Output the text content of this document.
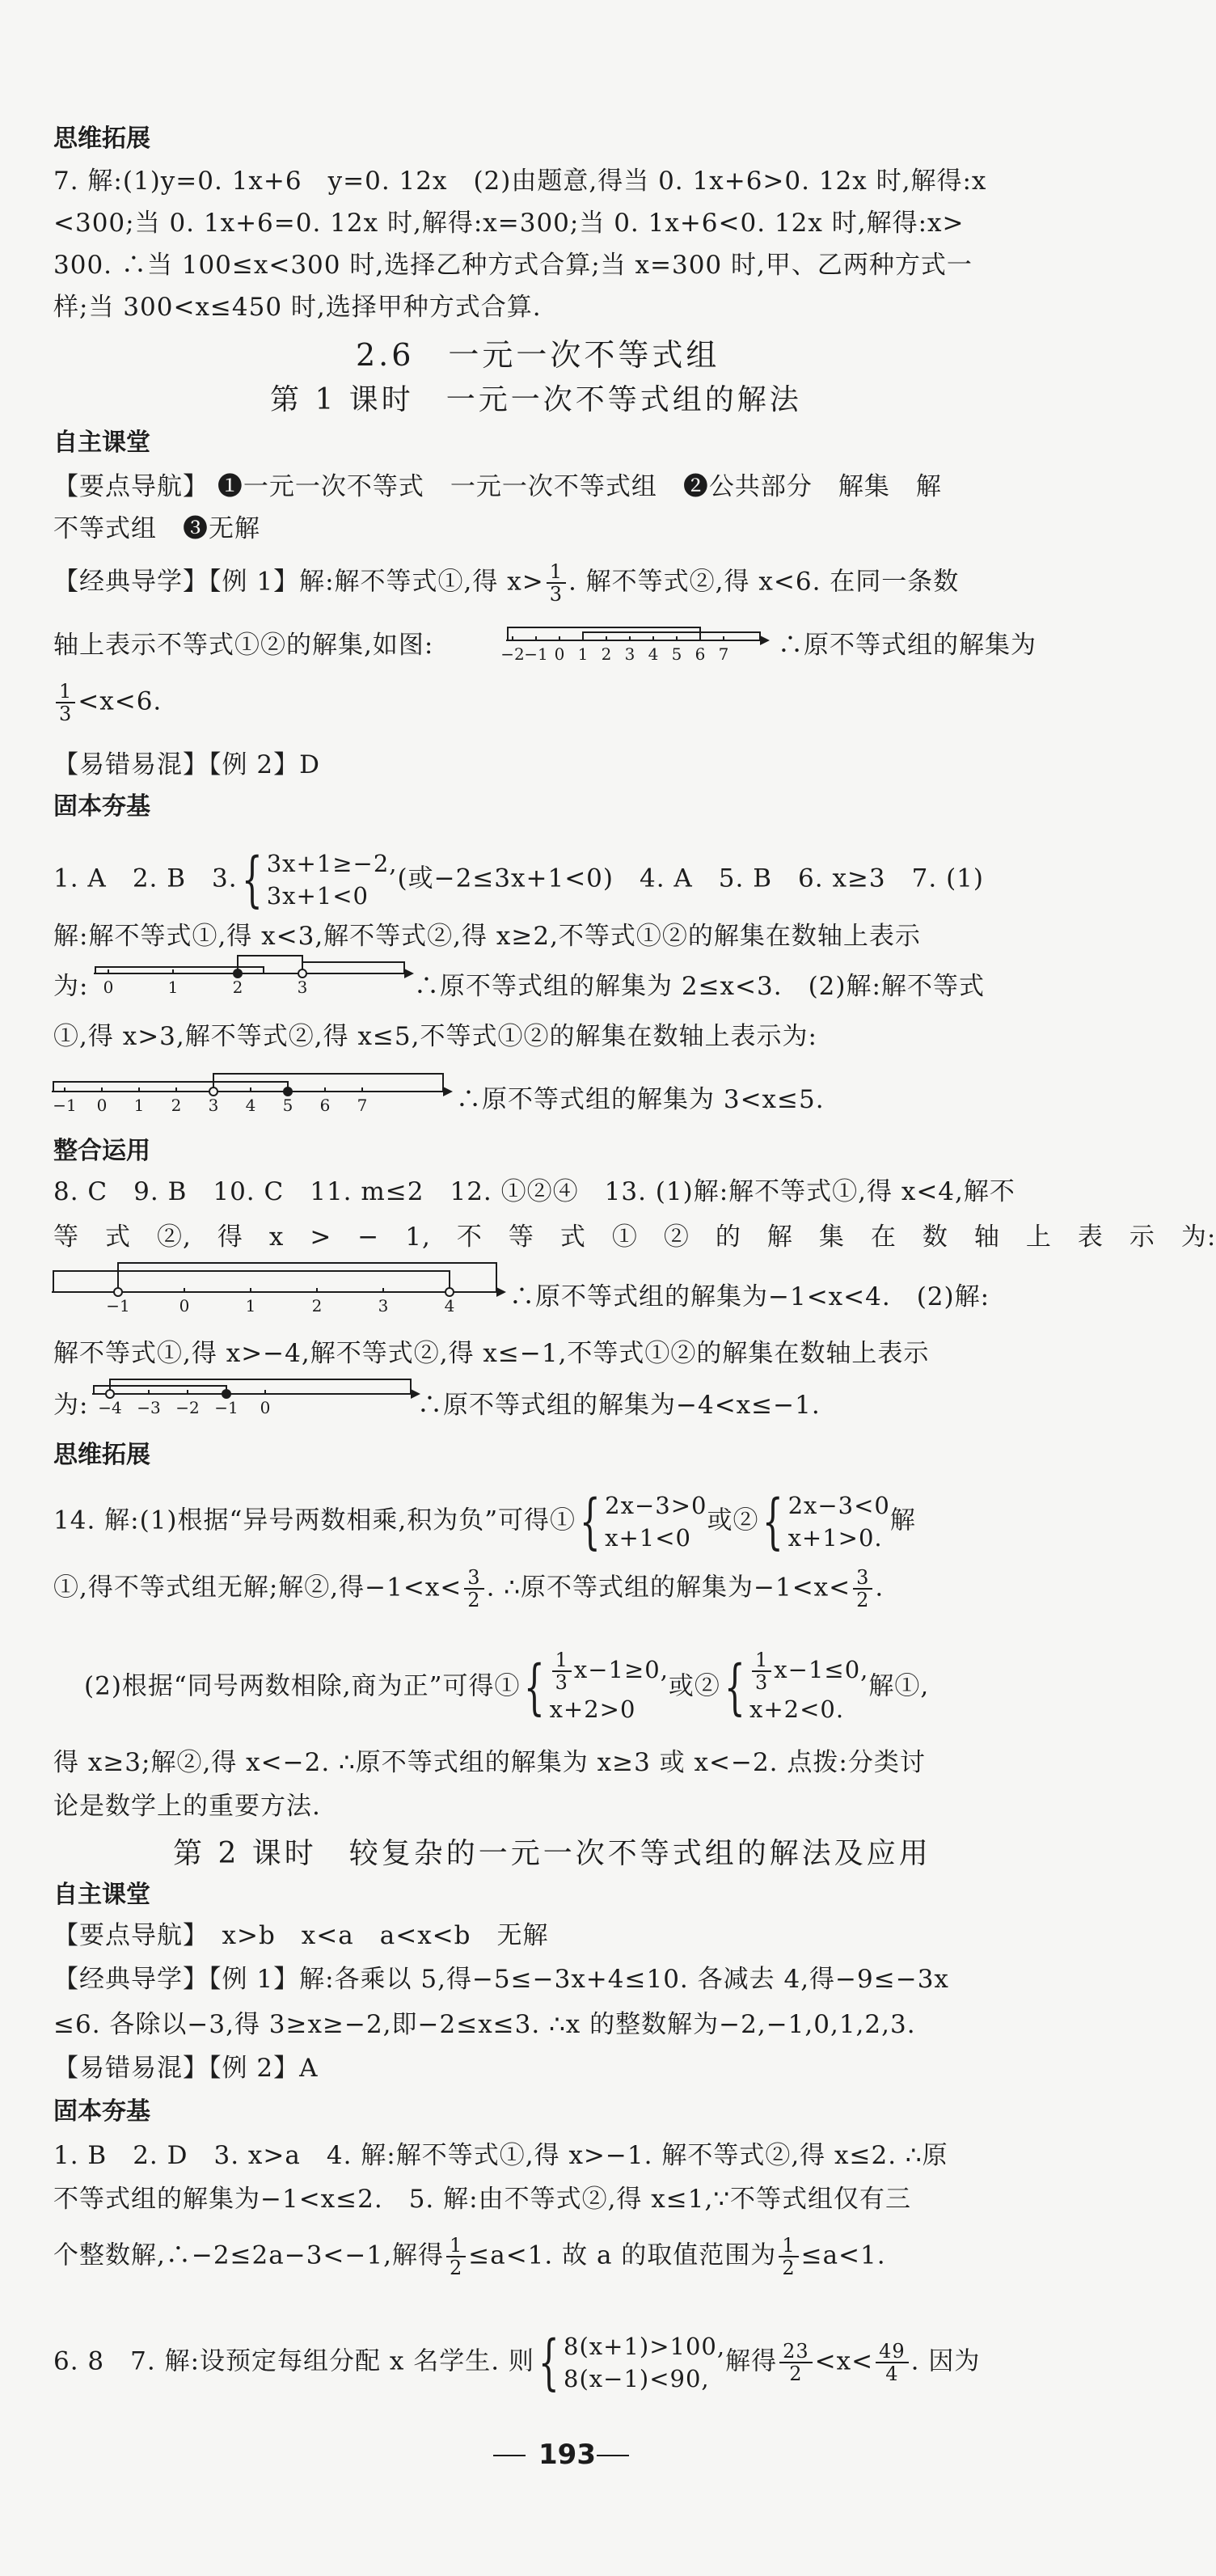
思维拓展
7. 解:(1)y=0. 1x+6　y=0. 12x　(2)由题意,得当 0. 1x+6>0. 12x 时,解得:x
<300;当 0. 1x+6=0. 12x 时,解得:x=300;当 0. 1x+6<0. 12x 时,解得:x>
300. ∴当 100≤x<300 时,选择乙种方式合算;当 x=300 时,甲、乙两种方式一
样;当 300<x≤450 时,选择甲种方式合算.
2.6　一元一次不等式组
第 1 课时　一元一次不等式组的解法
自主课堂
【要点导航】 ❶一元一次不等式　一元一次不等式组　❷公共部分　解集　解
不等式组　❸无解
【经典导学】【例 1】解:解不等式①,得 $x> \frac{1}{3}$ . 解不等式②,得 x<6. 在同一条数
轴上表示不等式①②的解集,如图:	−2 −1 0 1 2 3 4 5 6 7 ∴原不等式组的解集为
$\frac{1}{3} <x<6$.
【易错易混】【例 2】D
固本夯基
1. A　2. B　3.{ 3x+1≥−2,
3x+1<0
(或−2≤3x+1<0)　4. A　5. B　6. x≥3　7. (1)
解:解不等式①,得 x<3,解不等式②,得 x≥2,不等式①②的解集在数轴上表示
为: 0	1	2	3	∴原不等式组的解集为 2≤x<3.　(2)解:解不等式
①,得 x>3,解不等式②,得 x≤5,不等式①②的解集在数轴上表示为:
−1 0 1 2 3 4 5 6 7	∴原不等式组的解集为 3<x≤5.
整合运用
8. C　9. B　10. C　11. m≤2　12. ①②④　13. (1)解:解不等式①,得 x<4,解不
等　式　②,　得　x　>　−　1,　不　等　式　①　②　的　解　集　在　数　轴　上　表　示　为:
−1	0	1	2	3	4 ∴原不等式组的解集为−1<x<4.　(2)解:
解不等式①,得 x>−4,解不等式②,得 x≤−1,不等式①②的解集在数轴上表示
为: −4 −3 −2 −1 0	∴原不等式组的解集为−4<x≤−1.
思维拓展
14. 解:(1)根据“异号两数相乘,积为负”可得①{ 2x−3>0
x+1<0
或②{ 2x−3<0
x+1>0.
解
①,得不等式组无解;解②,得$-1<x< \frac{3}{2}$ . ∴原不等式组的解集为$-1<x< \frac{3}{2}$ .
(2)根据“同号两数相除,商为正”可得①{ $\frac{1}{3} x-1\ge 0$,
x+2>0
或②{ $\frac{1}{3} x-1\le 0$,
x+2<0.
解①,
得 x≥3;解②,得 x<−2. ∴原不等式组的解集为 x≥3 或 x<−2. 点拨:分类讨
论是数学上的重要方法.
第 2 课时　较复杂的一元一次不等式组的解法及应用
自主课堂
【要点导航】　x>b　x<a　a<x<b　无解
【经典导学】【例 1】解:各乘以 5,得−5≤−3x+4≤10. 各减去 4,得−9≤−3x
≤6. 各除以−3,得 3≥x≥−2,即−2≤x≤3. ∴x 的整数解为−2,−1,0,1,2,3.
【易错易混】【例 2】A
固本夯基
1. B　2. D　3. x>a　4. 解:解不等式①,得 x>−1. 解不等式②,得 x≤2. ∴原
不等式组的解集为−1<x≤2.　5. 解:由不等式②,得 x≤1,∵不等式组仅有三
个整数解,∴−2≤2a−3<−1,解得 $\frac{1}{2} \le a<1$. 故 a 的取值范围为 $\frac{1}{2} \le a<1$.
6. 8　7. 解:设预定每组分配 x 名学生. 则{ 8(x+1)>100,
8(x−1)<90,
解得 $\frac{23}{2} <x< \frac{49}{4}$ . 因为
193
